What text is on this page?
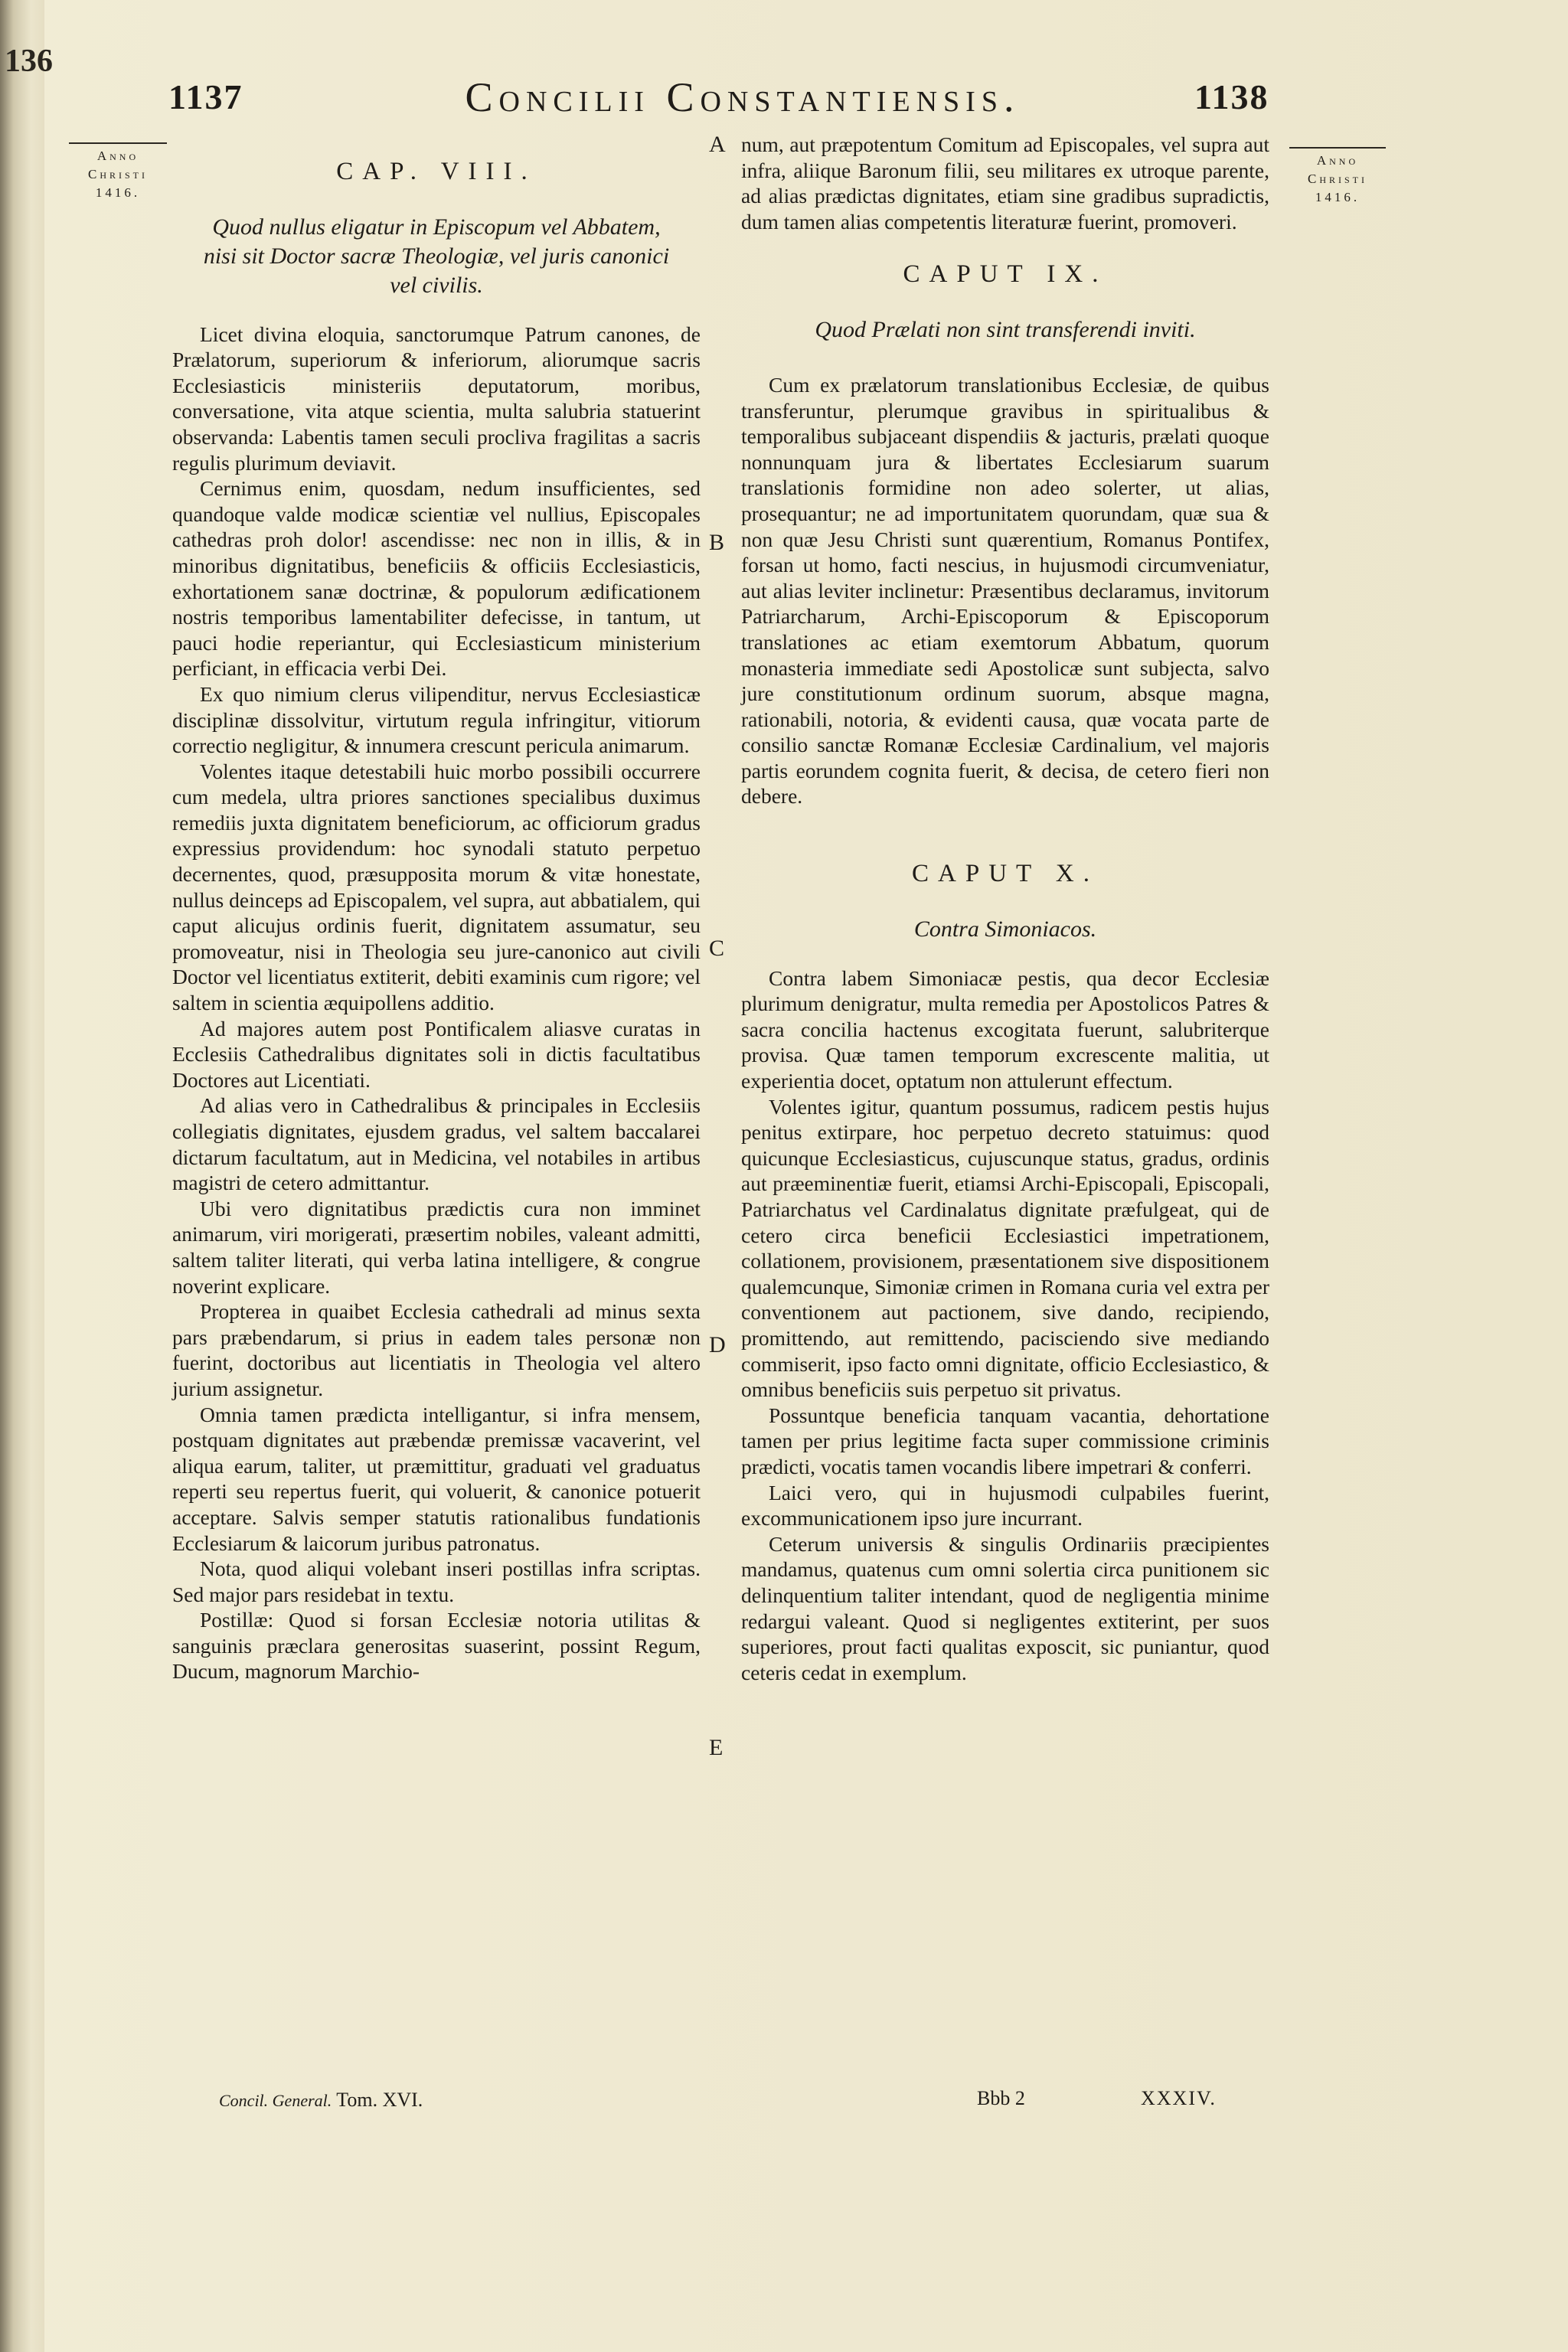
136
1137	Concilii Constantiensis.	1138
Anno
Christi
1416.
Anno
Christi
1416.
CAP. VIII.
Quod nullus eligatur in Episcopum vel Abbatem, nisi sit Doctor sacræ Theologiæ, vel juris canonici vel civilis.

Licet divina eloquia, sanctorumque Patrum canones, de Prælatorum, superiorum & inferiorum, aliorumque sacris Ecclesiasticis ministeriis deputatorum, moribus, conversatione, vita atque scientia, multa salubria statuerint observanda: Labentis tamen seculi procliva fragilitas a sacris regulis plurimum deviavit.

Cernimus enim, quosdam, nedum insufficientes, sed quandoque valde modicæ scientiæ vel nullius, Episcopales cathedras proh dolor! ascendisse: nec non in illis, & in minoribus dignitatibus, beneficiis & officiis Ecclesiasticis, exhortationem sanæ doctrinæ, & populorum ædificationem nostris temporibus lamentabiliter defecisse, in tantum, ut pauci hodie reperiantur, qui Ecclesiasticum ministerium perficiant, in efficacia verbi Dei.

Ex quo nimium clerus vilipenditur, nervus Ecclesiasticæ disciplinæ dissolvitur, virtutum regula infringitur, vitiorum correctio negligitur, & innumera crescunt pericula animarum.

Volentes itaque detestabili huic morbo possibili occurrere cum medela, ultra priores sanctiones specialibus duximus remediis juxta dignitatem beneficiorum, ac officiorum gradus expressius providendum: hoc synodali statuto perpetuo decernentes, quod, præsupposita morum & vitæ honestate, nullus deinceps ad Episcopalem, vel supra, aut abbatialem, qui caput alicujus ordinis fuerit, dignitatem assumatur, seu promoveatur, nisi in Theologia seu jure-canonico aut civili Doctor vel licentiatus extiterit, debiti examinis cum rigore; vel saltem in scientia æquipollens additio.

Ad majores autem post Pontificalem aliasve curatas in Ecclesiis Cathedralibus dignitates soli in dictis facultatibus Doctores aut Licentiati.

Ad alias vero in Cathedralibus & principales in Ecclesiis collegiatis dignitates, ejusdem gradus, vel saltem baccalarei dictarum facultatum, aut in Medicina, vel notabiles in artibus magistri de cetero admittantur.

Ubi vero dignitatibus prædictis cura non imminet animarum, viri morigerati, præsertim nobiles, valeant admitti, saltem taliter literati, qui verba latina intelligere, & congrue noverint explicare.

Propterea in quaibet Ecclesia cathedrali ad minus sexta pars præbendarum, si prius in eadem tales personæ non fuerint, doctoribus aut licentiatis in Theologia vel altero jurium assignetur.

Omnia tamen prædicta intelligantur, si infra mensem, postquam dignitates aut præbendæ premissæ vacaverint, vel aliqua earum, taliter, ut præmittitur, graduati vel graduatus reperti seu repertus fuerit, qui voluerit, & canonice potuerit acceptare. Salvis semper statutis rationalibus fundationis Ecclesiarum & laicorum juribus patronatus.

Nota, quod aliqui volebant inseri postillas infra scriptas. Sed major pars residebat in textu.

Postillæ: Quod si forsan Ecclesiæ notoria utilitas & sanguinis præclara generositas suaserint, possint Regum, Ducum, magnorum Marchio-

Concil. General. Tom. XVI.
A
B
C
D
E

num, aut præpotentum Comitum ad Episcopales, vel supra aut infra, aliique Baronum filii, seu militares ex utroque parente, ad alias prædictas dignitates, etiam sine gradibus supradictis, dum tamen alias competentis literaturæ fuerint, promoveri.

CAPUT IX.
Quod Prælati non sint transferendi inviti.

Cum ex prælatorum translationibus Ecclesiæ, de quibus transferuntur, plerumque gravibus in spiritualibus & temporalibus subjaceant dispendiis & jacturis, prælati quoque nonnunquam jura & libertates Ecclesiarum suarum translationis formidine non adeo solerter, ut alias, prosequantur; ne ad importunitatem quorundam, quæ sua & non quæ Jesu Christi sunt quærentium, Romanus Pontifex, forsan ut homo, facti nescius, in hujusmodi circumveniatur, aut alias leviter inclinetur: Præsentibus declaramus, invitorum Patriarcharum, Archi-Episcoporum & Episcoporum translationes ac etiam exemtorum Abbatum, quorum monasteria immediate sedi Apostolicæ sunt subjecta, salvo jure constitutionum ordinum suorum, absque magna, rationabili, notoria, & evidenti causa, quæ vocata parte de consilio sanctæ Romanæ Ecclesiæ Cardinalium, vel majoris partis eorundem cognita fuerit, & decisa, de cetero fieri non debere.

CAPUT X.
Contra Simoniacos.

Contra labem Simoniacæ pestis, qua decor Ecclesiæ plurimum denigratur, multa remedia per Apostolicos Patres & sacra concilia hactenus excogitata fuerunt, salubriterque provisa. Quæ tamen temporum excrescente malitia, ut experientia docet, optatum non attulerunt effectum.

Volentes igitur, quantum possumus, radicem pestis hujus penitus extirpare, hoc perpetuo decreto statuimus: quod quicunque Ecclesiasticus, cujuscunque status, gradus, ordinis aut præeminentiæ fuerit, etiamsi Archi-Episcopali, Episcopali, Patriarchatus vel Cardinalatus dignitate præfulgeat, qui de cetero circa beneficii Ecclesiastici impetrationem, collationem, provisionem, præsentationem sive dispositionem qualemcunque, Simoniæ crimen in Romana curia vel extra per conventionem aut pactionem, sive dando, recipiendo, promittendo, aut remittendo, pacisciendo sive mediando commiserit, ipso facto omni dignitate, officio Ecclesiastico, & omnibus beneficiis suis perpetuo sit privatus.

Possuntque beneficia tanquam vacantia, dehortatione tamen per prius legitime facta super commissione criminis prædicti, vocatis tamen vocandis libere impetrari & conferri.

Laici vero, qui in hujusmodi culpabiles fuerint, excommunicationem ipso jure incurrant.

Ceterum universis & singulis Ordinariis præcipientes mandamus, quatenus cum omni solertia circa punitionem sic delinquentium taliter intendant, quod de negligentia minime redargui valeant. Quod si negligentes extiterint, per suos superiores, prout facti qualitas exposcit, sic puniantur, quod ceteris cedat in exemplum.

Bbb 2	XXXIV.
